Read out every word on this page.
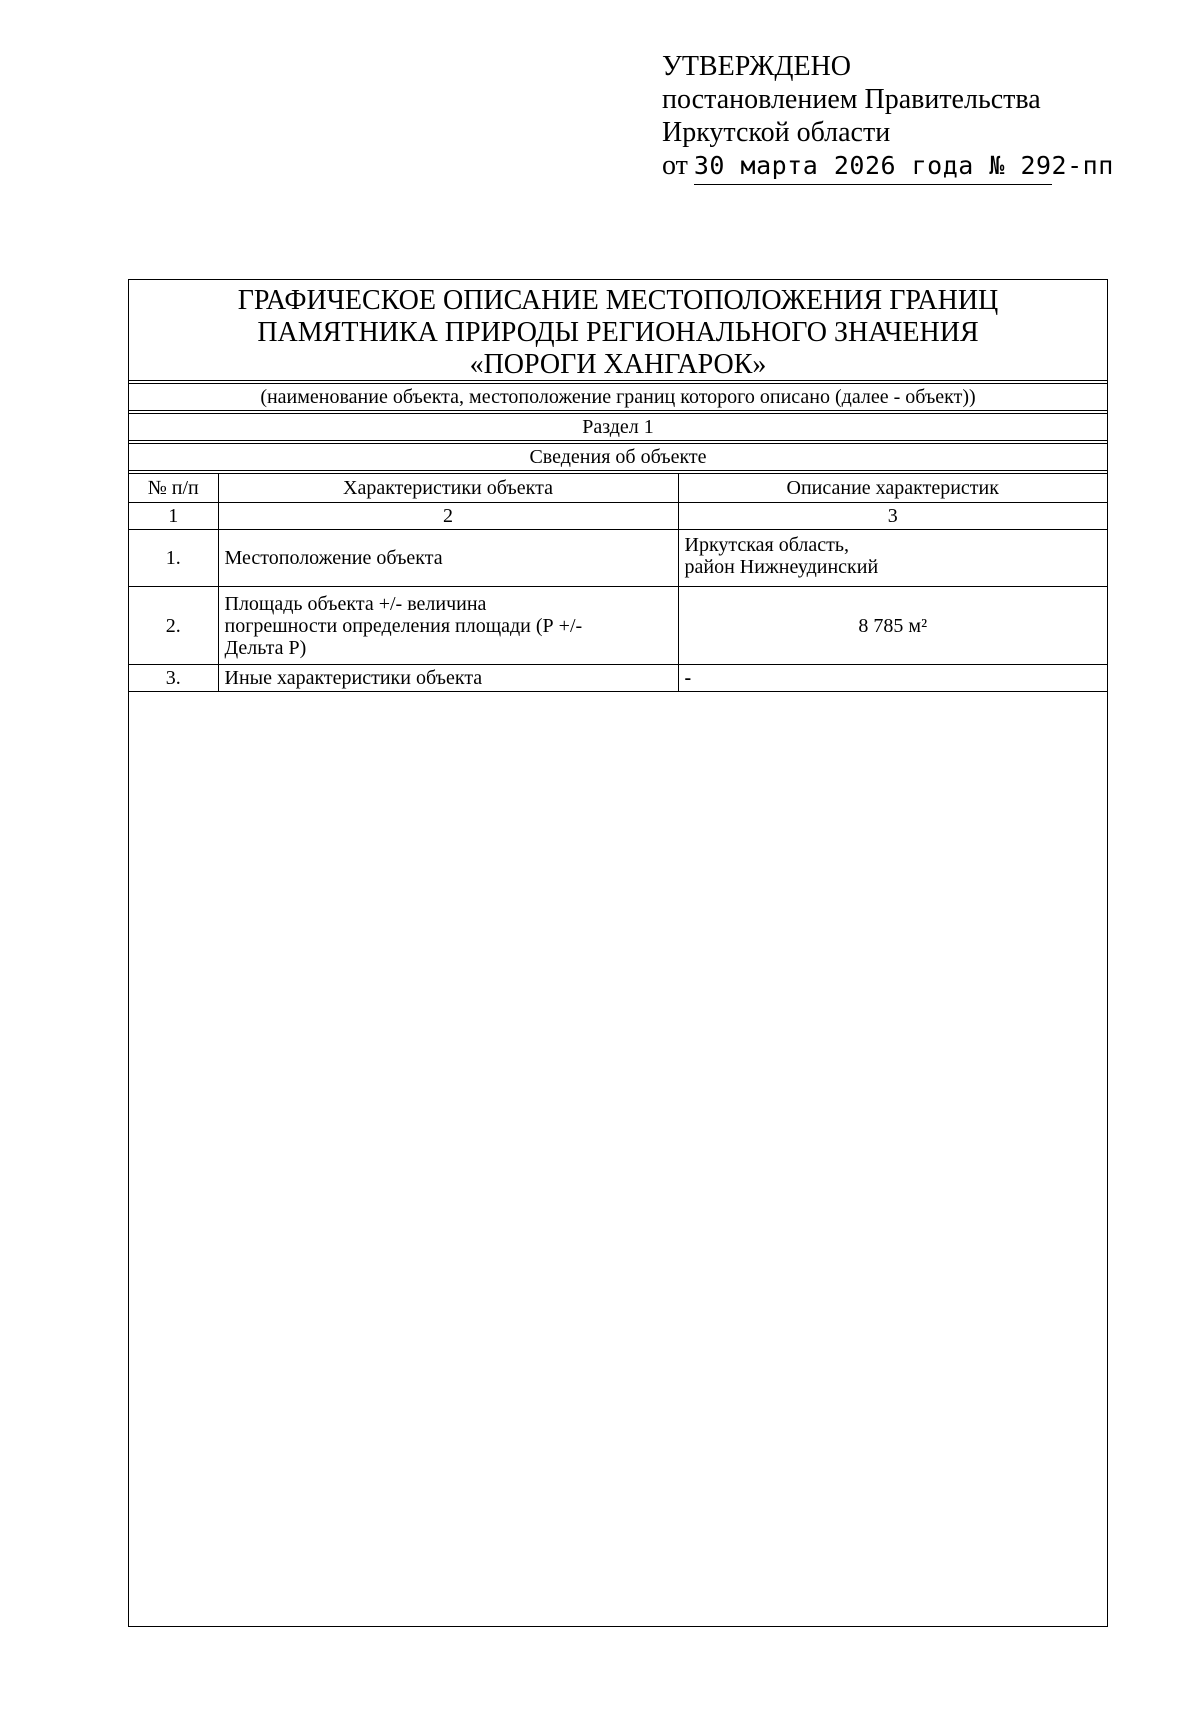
УТВЕРЖДЕНО
постановлением Правительства
Иркутской области
от 30 марта 2026 года № 292-пп
ГРАФИЧЕСКОЕ ОПИСАНИЕ МЕСТОПОЛОЖЕНИЯ ГРАНИЦ
ПАМЯТНИКА ПРИРОДЫ РЕГИОНАЛЬНОГО ЗНАЧЕНИЯ
«ПОРОГИ ХАНГАРОК»
(наименование объекта, местоположение границ которого описано (далее - объект))
Раздел 1
Сведения об объекте
№ п/п	Характеристики объекта	Описание характеристик
1	2	3
1.	Местоположение объекта	Иркутская область,
район Нижнеудинский

2.	Площадь объекта +/- величина
погрешности определения площади (Р +/-
Дельта Р)	8 785 м²
3.	Иные характеристики объекта	-
